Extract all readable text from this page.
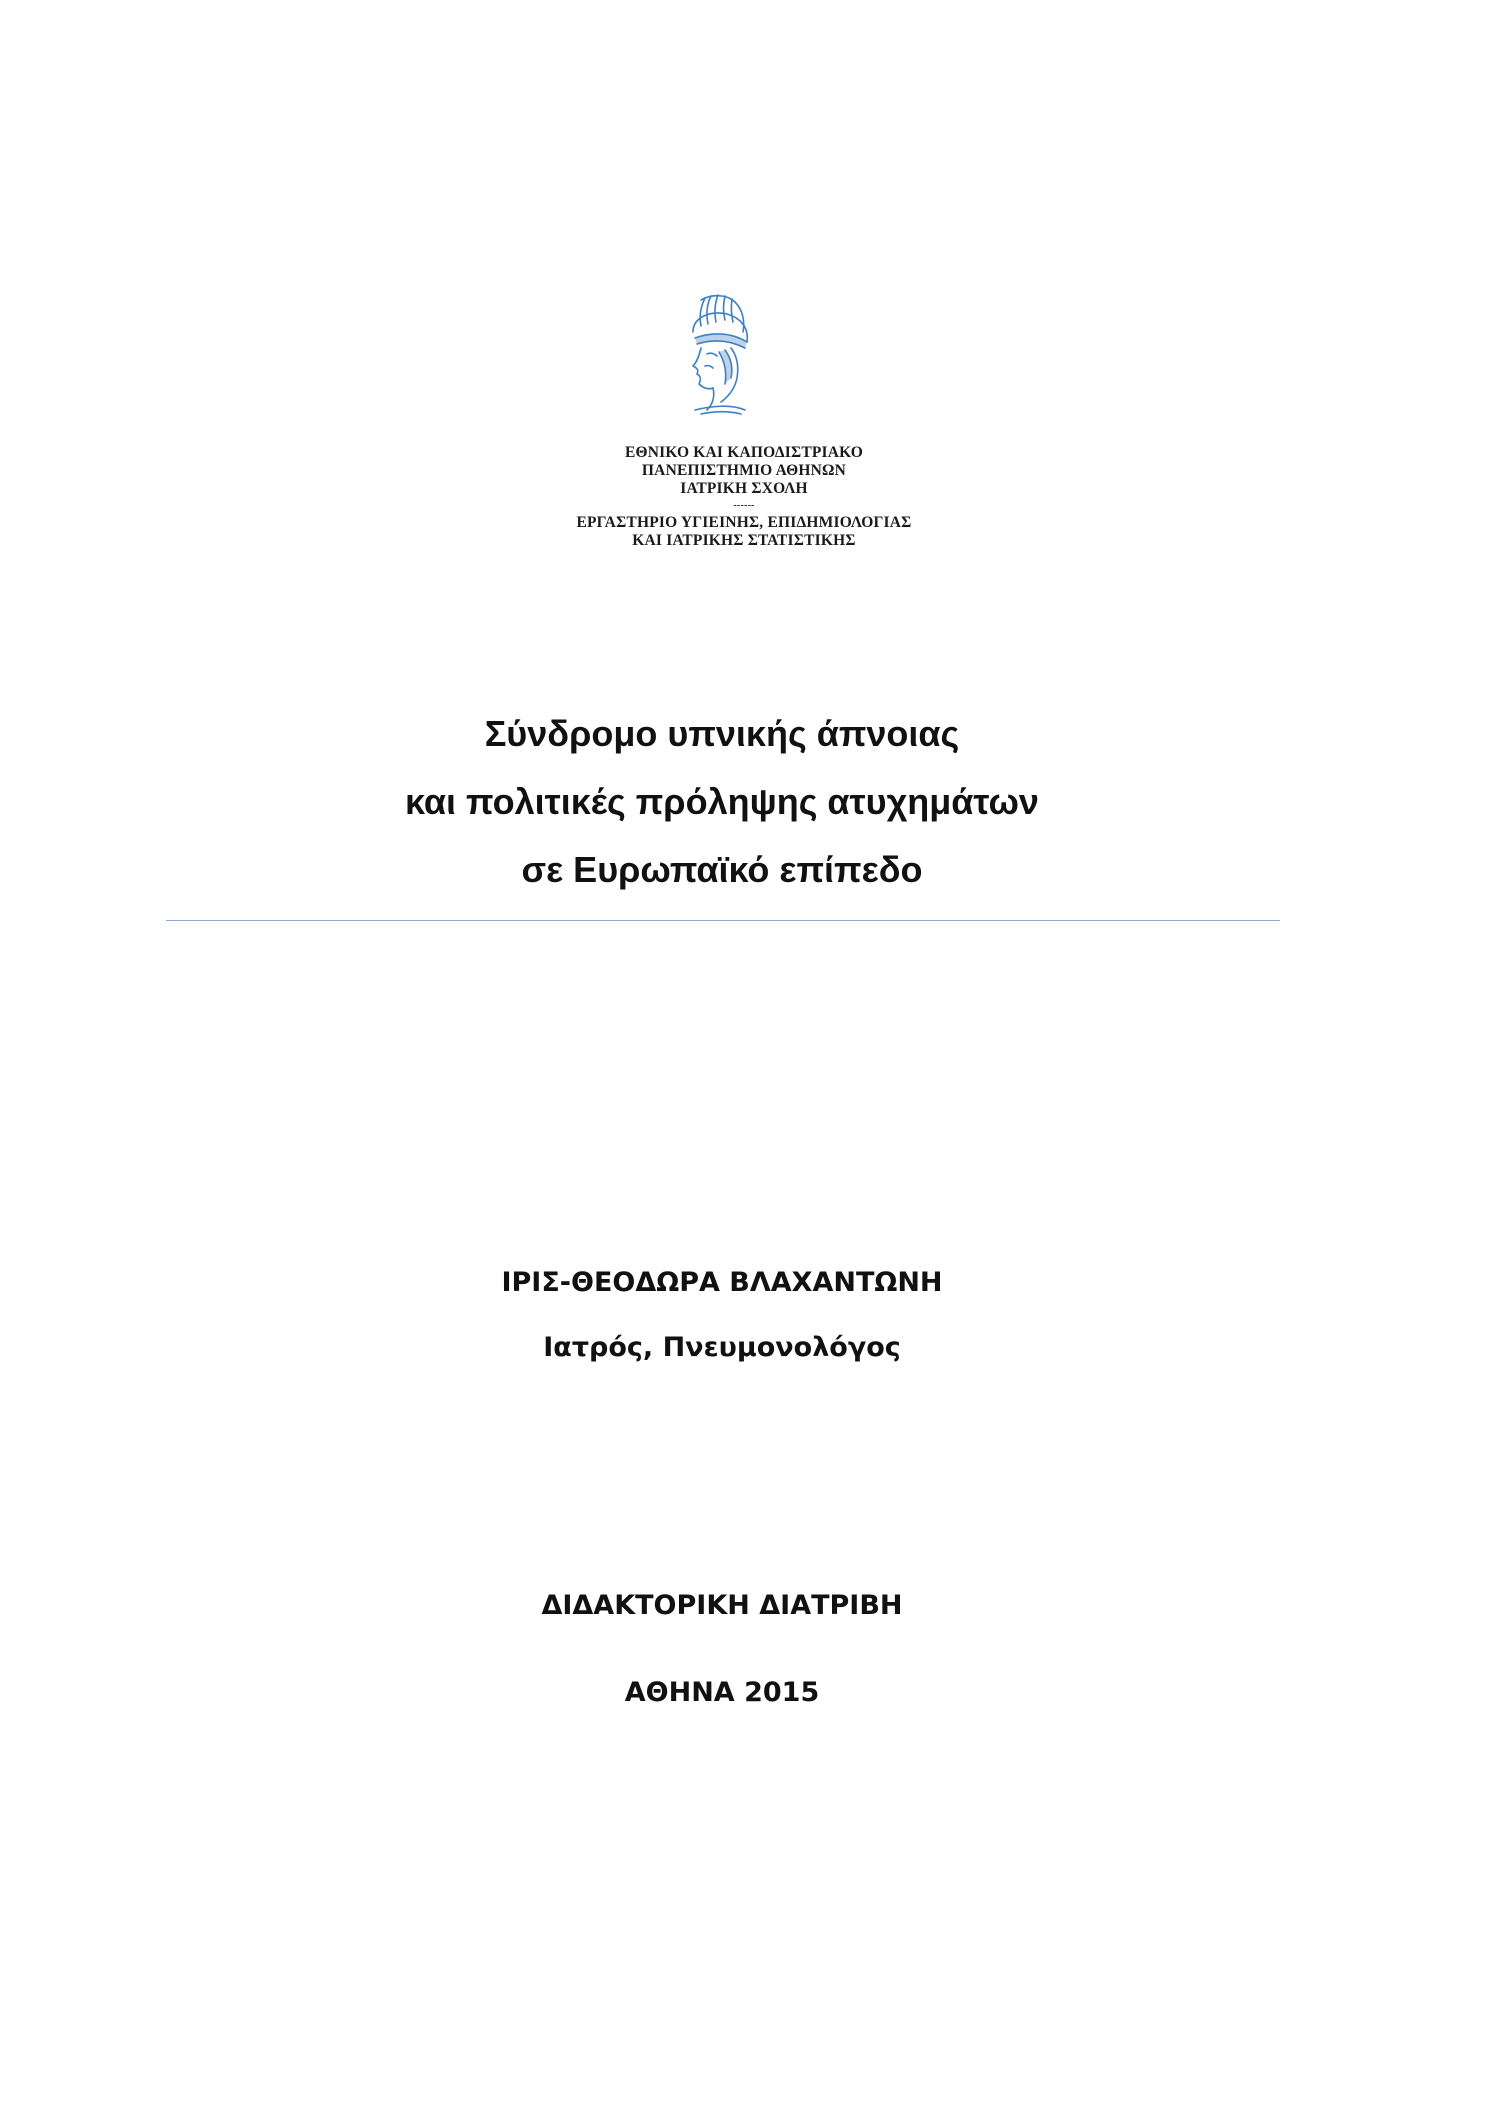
ΕΘΝΙΚΟ ΚΑΙ ΚΑΠΟΔΙΣΤΡΙΑΚΟ
ΠΑΝΕΠΙΣΤΗΜΙΟ ΑΘΗΝΩΝ
ΙΑΤΡΙΚΗ ΣΧΟΛΗ
------
ΕΡΓΑΣΤΗΡΙΟ ΥΓΙΕΙΝΗΣ, ΕΠΙΔΗΜΙΟΛΟΓΙΑΣ
ΚΑΙ ΙΑΤΡΙΚΗΣ ΣΤΑΤΙΣΤΙΚΗΣ
Σύνδρομο υπνικής άπνοιας
και πολιτικές πρόληψης ατυχημάτων
σε Ευρωπαϊκό επίπεδο
ΙΡΙΣ-ΘΕΟΔΩΡΑ ΒΛΑΧΑΝΤΩΝΗ
Ιατρός, Πνευμονολόγος
ΔΙΔΑΚΤΟΡΙΚΗ ΔΙΑΤΡΙΒΗ
ΑΘΗΝΑ 2015
